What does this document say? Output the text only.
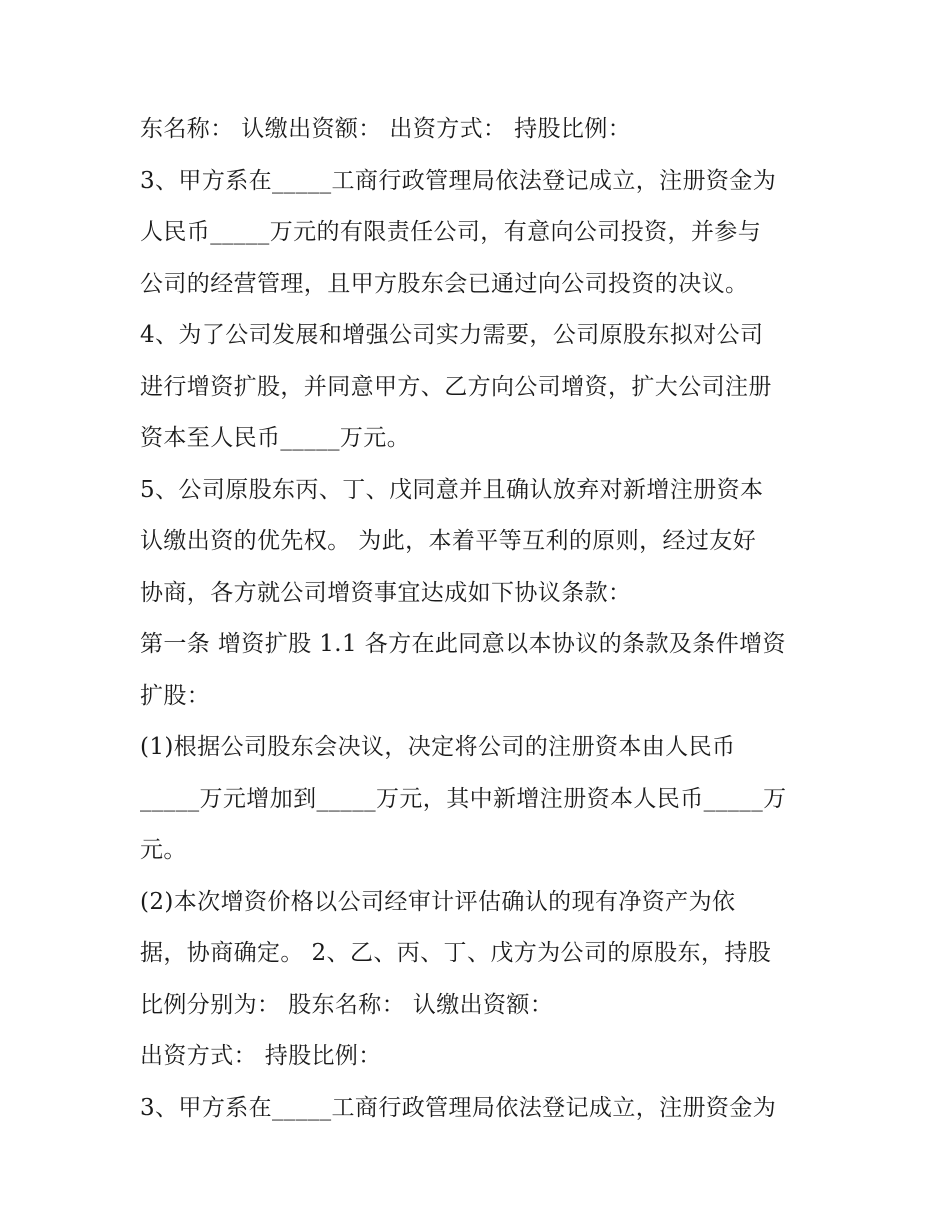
东名称： 认缴出资额： 出资方式： 持股比例：
3、甲方系在_____工商行政管理局依法登记成立，注册资金为
人民币_____万元的有限责任公司，有意向公司投资，并参与
公司的经营管理，且甲方股东会已通过向公司投资的决议。
4、为了公司发展和增强公司实力需要，公司原股东拟对公司
进行增资扩股，并同意甲方、乙方向公司增资，扩大公司注册
资本至人民币_____万元。
5、公司原股东丙、丁、戊同意并且确认放弃对新增注册资本
认缴出资的优先权。 为此，本着平等互利的原则，经过友好
协商，各方就公司增资事宜达成如下协议条款：
第一条 增资扩股 1.1 各方在此同意以本协议的条款及条件增资
扩股：
(1)根据公司股东会决议，决定将公司的注册资本由人民币
_____万元增加到_____万元，其中新增注册资本人民币_____万
元。
(2)本次增资价格以公司经审计评估确认的现有净资产为依
据，协商确定。 2、乙、丙、丁、戊方为公司的原股东，持股
比例分别为： 股东名称： 认缴出资额：
出资方式： 持股比例：
3、甲方系在_____工商行政管理局依法登记成立，注册资金为
